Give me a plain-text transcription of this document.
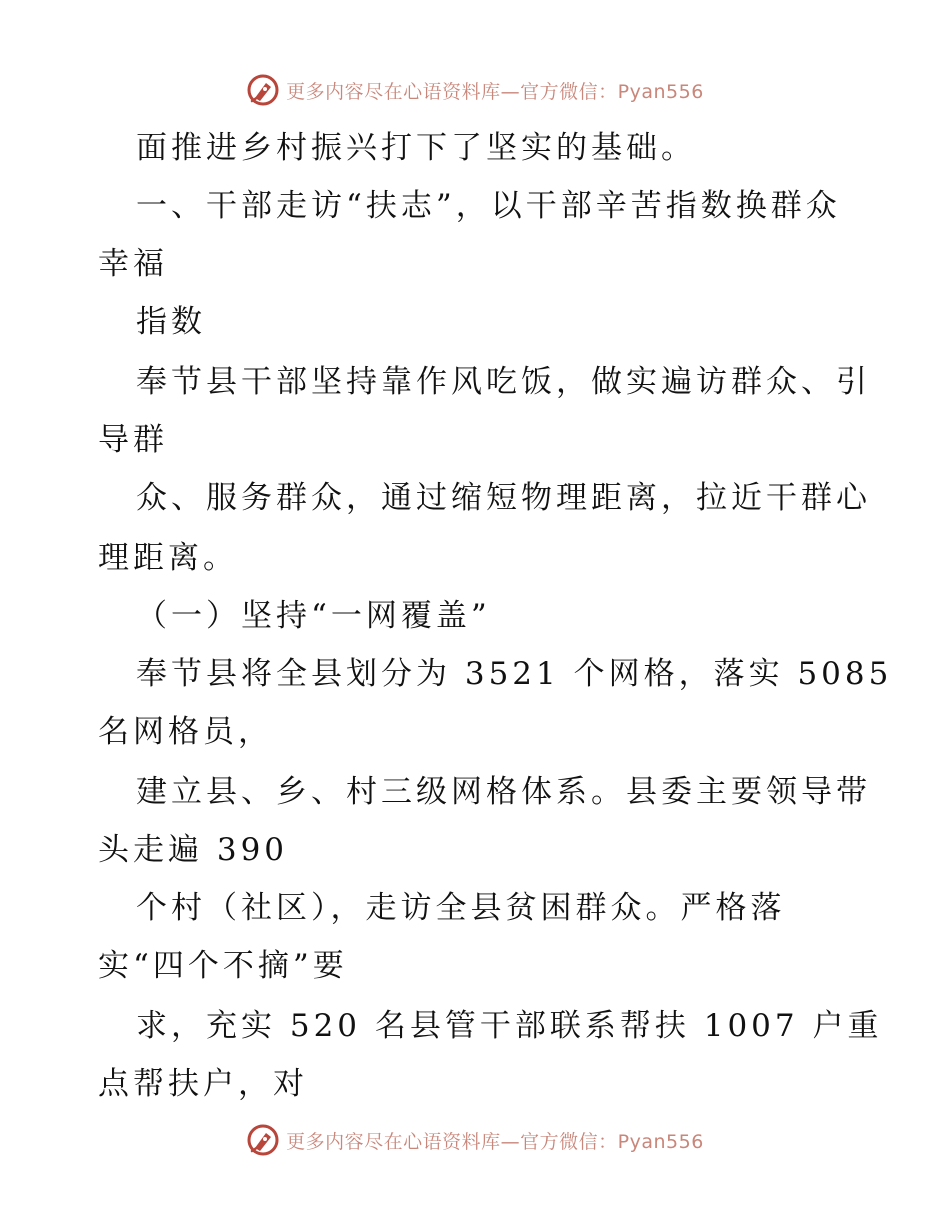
更多内容尽在心语资料库—官方微信：Pyan556
面推进乡村振兴打下了坚实的基础。
一、干部走访“扶志”，以干部辛苦指数换群众
幸福
指数
奉节县干部坚持靠作风吃饭，做实遍访群众、引
导群
众、服务群众，通过缩短物理距离，拉近干群心
理距离。
（一）坚持“一网覆盖”
奉节县将全县划分为 3521 个网格，落实 5085
名网格员，
建立县、乡、村三级网格体系。县委主要领导带
头走遍 390
个村（社区），走访全县贫困群众。严格落
实“四个不摘”要
求，充实 520 名县管干部联系帮扶 1007 户重
点帮扶户，对
更多内容尽在心语资料库—官方微信：Pyan556
